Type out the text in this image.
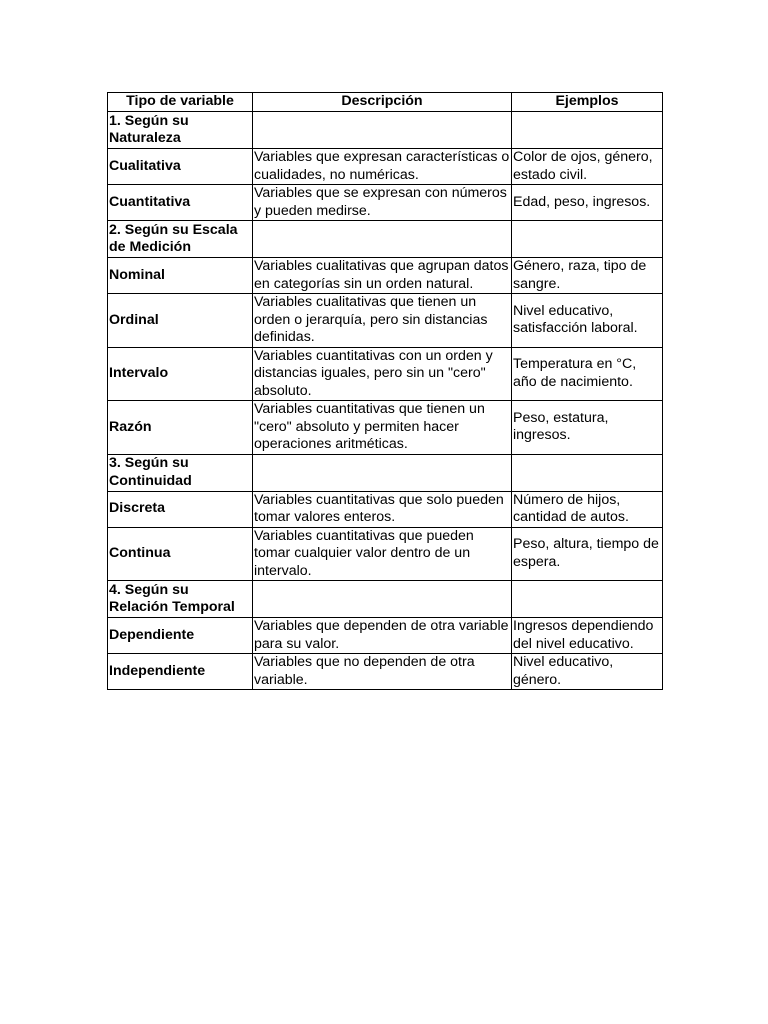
Tipo de variable	Descripción	Ejemplos
1. Según su Naturaleza		
Cualitativa	Variables que expresan características o cualidades, no numéricas.	Color de ojos, género, estado civil.
Cuantitativa	Variables que se expresan con números y pueden medirse.	Edad, peso, ingresos.
2. Según su Escala de Medición		
Nominal	Variables cualitativas que agrupan datos en categorías sin un orden natural.	Género, raza, tipo de sangre.
Ordinal	Variables cualitativas que tienen un orden o jerarquía, pero sin distancias definidas.	Nivel educativo, satisfacción laboral.
Intervalo	Variables cuantitativas con un orden y distancias iguales, pero sin un "cero" absoluto.	Temperatura en °C, año de nacimiento.
Razón	Variables cuantitativas que tienen un "cero" absoluto y permiten hacer operaciones aritméticas.	Peso, estatura, ingresos.
3. Según su Continuidad		
Discreta	Variables cuantitativas que solo pueden tomar valores enteros.	Número de hijos, cantidad de autos.
Continua	Variables cuantitativas que pueden tomar cualquier valor dentro de un intervalo.	Peso, altura, tiempo de espera.
4. Según su Relación Temporal		
Dependiente	Variables que dependen de otra variable para su valor.	Ingresos dependiendo del nivel educativo.
Independiente	Variables que no dependen de otra variable.	Nivel educativo, género.
